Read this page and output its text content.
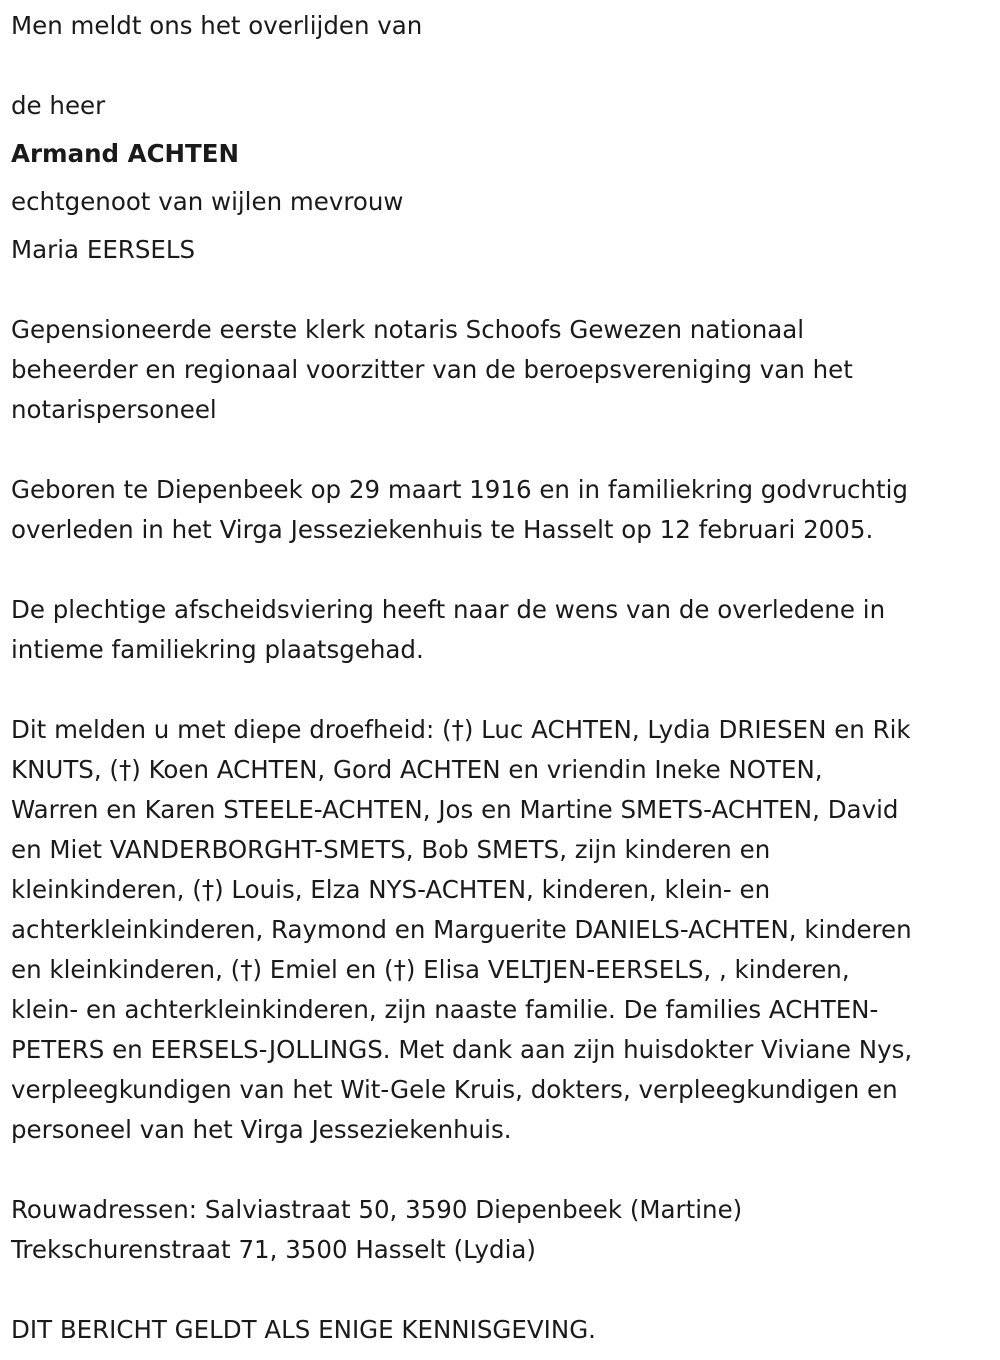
Men meldt ons het overlijden van

de heer

Armand ACHTEN

echtgenoot van wijlen mevrouw

Maria EERSELS

Gepensioneerde eerste klerk notaris Schoofs Gewezen nationaal

beheerder en regionaal voorzitter van de beroepsvereniging van het

notarispersoneel

Geboren te Diepenbeek op 29 maart 1916 en in familiekring godvruchtig

overleden in het Virga Jesseziekenhuis te Hasselt op 12 februari 2005.

De plechtige afscheidsviering heeft naar de wens van de overledene in

intieme familiekring plaatsgehad.

Dit melden u met diepe droefheid: (†) Luc ACHTEN, Lydia DRIESEN en Rik

KNUTS, (†) Koen ACHTEN, Gord ACHTEN en vriendin Ineke NOTEN,

Warren en Karen STEELE-ACHTEN, Jos en Martine SMETS-ACHTEN, David

en Miet VANDERBORGHT-SMETS, Bob SMETS, zijn kinderen en

kleinkinderen, (†) Louis, Elza NYS-ACHTEN, kinderen, klein- en

achterkleinkinderen, Raymond en Marguerite DANIELS-ACHTEN, kinderen

en kleinkinderen, (†) Emiel en (†) Elisa VELTJEN-EERSELS, , kinderen,

klein- en achterkleinkinderen, zijn naaste familie. De families ACHTEN-

PETERS en EERSELS-JOLLINGS. Met dank aan zijn huisdokter Viviane Nys,

verpleegkundigen van het Wit-Gele Kruis, dokters, verpleegkundigen en

personeel van het Virga Jesseziekenhuis.

Rouwadressen: Salviastraat 50, 3590 Diepenbeek (Martine)

Trekschurenstraat 71, 3500 Hasselt (Lydia)

DIT BERICHT GELDT ALS ENIGE KENNISGEVING.
